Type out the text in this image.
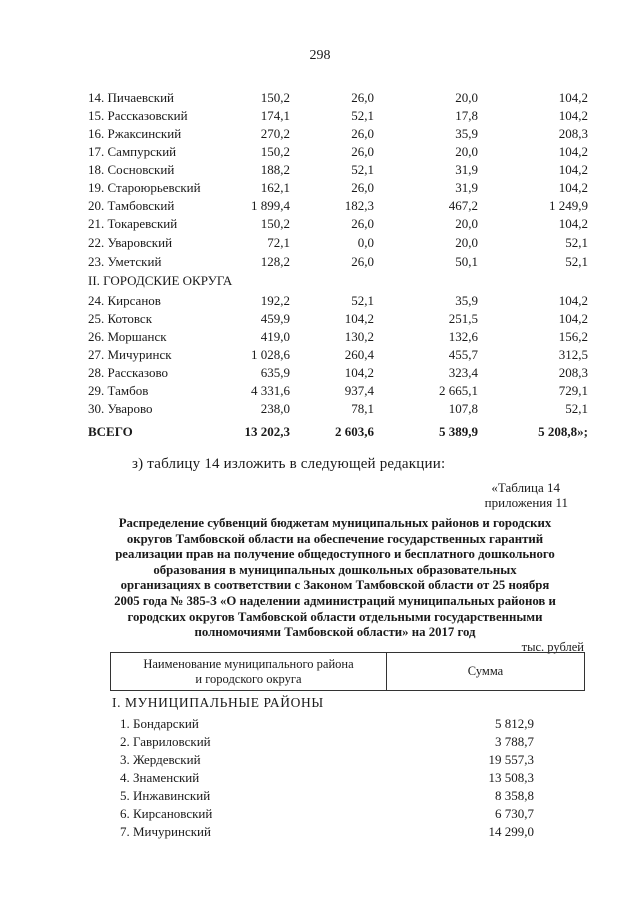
298
14. Пичаевский	150,2	26,0	20,0	104,2
15. Рассказовский	174,1	52,1	17,8	104,2
16. Ржаксинский	270,2	26,0	35,9	208,3
17. Сампурский	150,2	26,0	20,0	104,2
18. Сосновский	188,2	52,1	31,9	104,2
19. Староюрьевский	162,1	26,0	31,9	104,2
20. Тамбовский	1 899,4	182,3	467,2	1 249,9
21. Токаревский	150,2	26,0	20,0	104,2
22. Уваровский	72,1	0,0	20,0	52,1
23. Уметский	128,2	26,0	50,1	52,1
II. ГОРОДСКИЕ ОКРУГА
24. Кирсанов	192,2	52,1	35,9	104,2
25. Котовск	459,9	104,2	251,5	104,2
26. Моршанск	419,0	130,2	132,6	156,2
27. Мичуринск	1 028,6	260,4	455,7	312,5
28. Рассказово	635,9	104,2	323,4	208,3
29. Тамбов	4 331,6	937,4	2 665,1	729,1
30. Уварово	238,0	78,1	107,8	52,1
ВСЕГО	13 202,3	2 603,6	5 389,9	5 208,8»;
з) таблицу 14 изложить в следующей редакции:
«Таблица 14
приложения 11
Распределение субвенций бюджетам муниципальных районов и городских
округов Тамбовской области на обеспечение государственных гарантий
реализации прав на получение общедоступного и бесплатного дошкольного
образования в муниципальных дошкольных образовательных
организациях в соответствии с Законом Тамбовской области от 25 ноября
2005 года № 385-З «О наделении администраций муниципальных районов и
городских округов Тамбовской области отдельными государственными
полномочиями Тамбовской области» на 2017 год
тыс. рублей
Наименование муниципального района
и городского округа
Сумма
I. МУНИЦИПАЛЬНЫЕ РАЙОНЫ
1. Бондарский	5 812,9
2. Гавриловский	3 788,7
3. Жердевский	19 557,3
4. Знаменский	13 508,3
5. Инжавинский	8 358,8
6. Кирсановский	6 730,7
7. Мичуринский	14 299,0
